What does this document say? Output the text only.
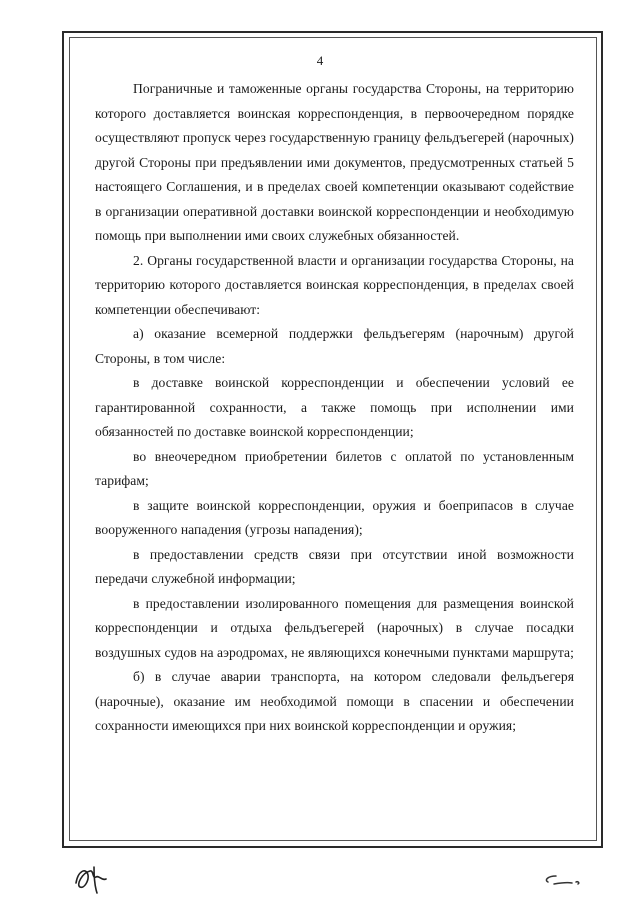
4

Пограничные и таможенные органы государства Стороны, на территорию которого доставляется воинская корреспонденция, в первоочередном порядке осуществляют пропуск через государственную границу фельдъегерей (нарочных) другой Стороны при предъявлении ими документов, предусмотренных статьей 5 настоящего Соглашения, и в пределах своей компетенции оказывают содействие в организации оперативной доставки воинской корреспонденции и необходимую помощь при выполнении ими своих служебных обязанностей.

2. Органы государственной власти и организации государства Стороны, на территорию которого доставляется воинская корреспонденция, в пределах своей компетенции обеспечивают:

а) оказание всемерной поддержки фельдъегерям (нарочным) другой Стороны, в том числе:

в доставке воинской корреспонденции и обеспечении условий ее гарантированной сохранности, а также помощь при исполнении ими обязанностей по доставке воинской корреспонденции;

во внеочередном приобретении билетов с оплатой по установленным тарифам;

в защите воинской корреспонденции, оружия и боеприпасов в случае вооруженного нападения (угрозы нападения);

в предоставлении средств связи при отсутствии иной возможности передачи служебной информации;

в предоставлении изолированного помещения для размещения воинской корреспонденции и отдыха фельдъегерей (нарочных) в случае посадки воздушных судов на аэродромах, не являющихся конечными пунктами маршрута;

б) в случае аварии транспорта, на котором следовали фельдъегеря (нарочные), оказание им необходимой помощи в спасении и обеспечении сохранности имеющихся при них воинской корреспонденции и оружия;
